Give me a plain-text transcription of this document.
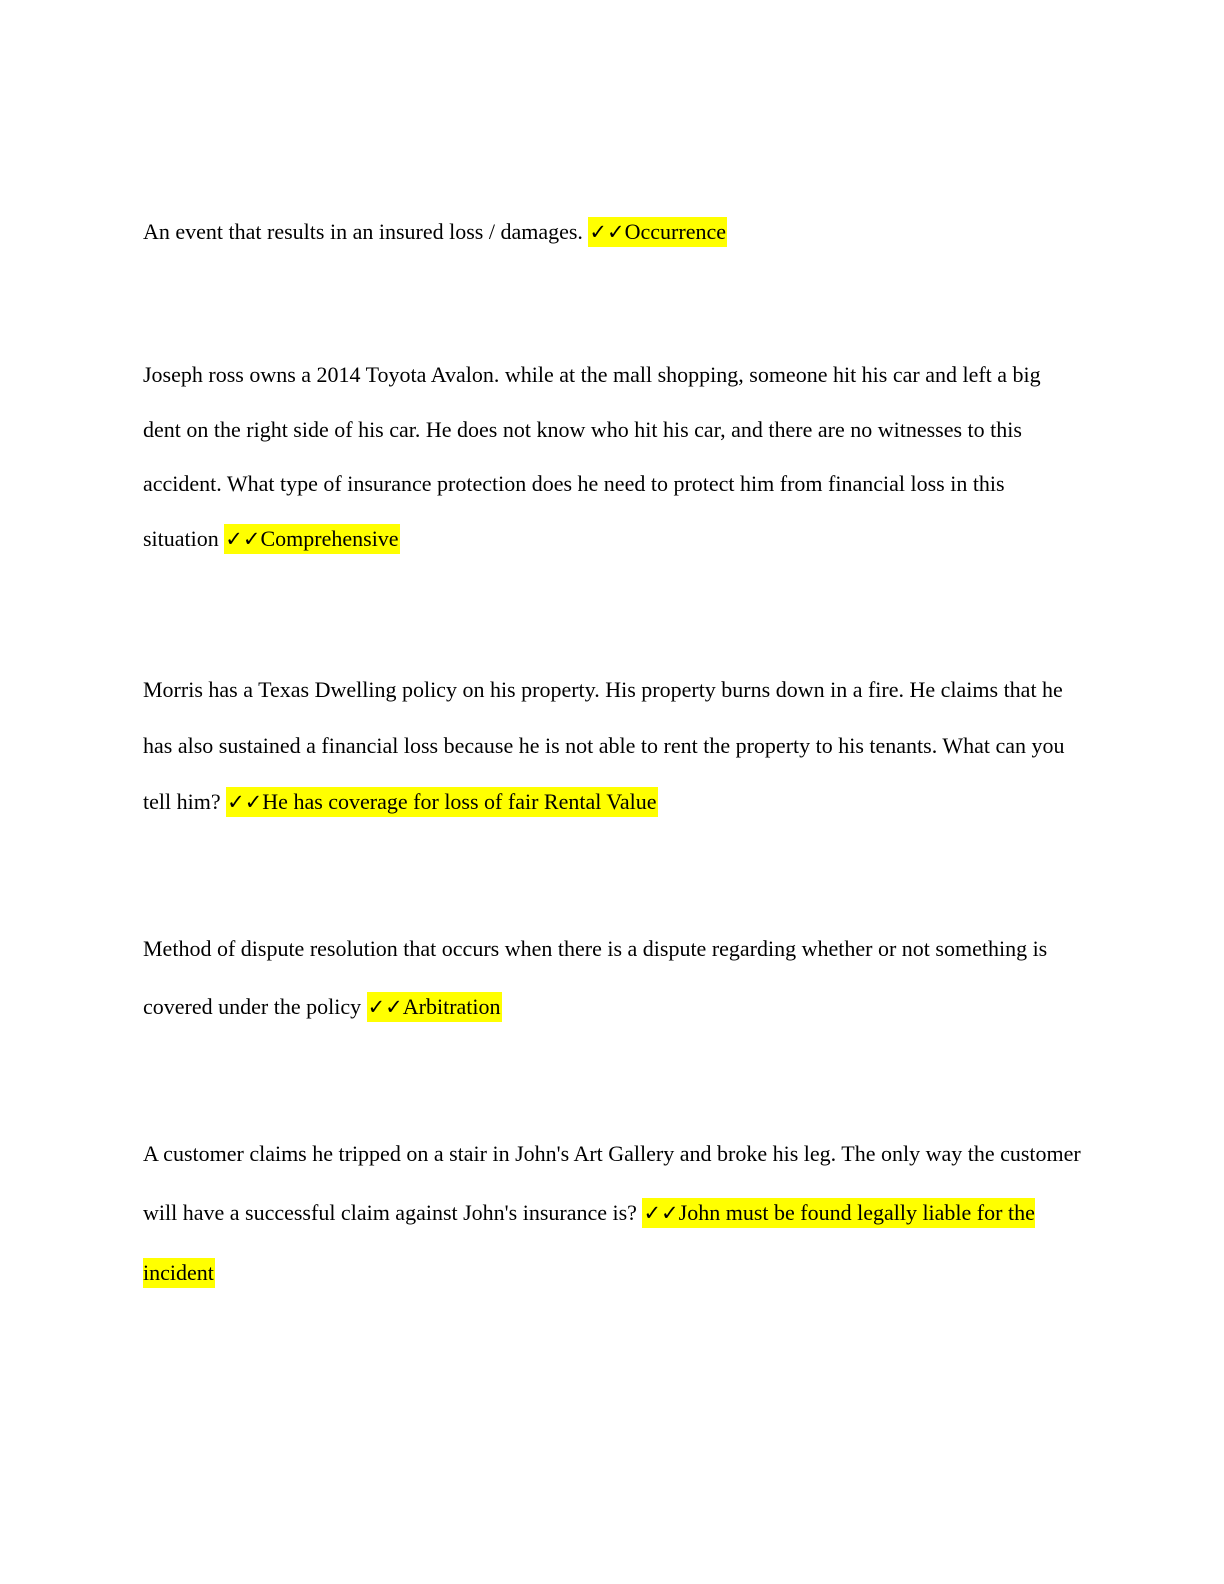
An event that results in an insured loss / damages. ✓✓Occurrence

Joseph ross owns a 2014 Toyota Avalon. while at the mall shopping, someone hit his car and left a big dent on the right side of his car. He does not know who hit his car, and there are no witnesses to this accident. What type of insurance protection does he need to protect him from financial loss in this situation ✓✓Comprehensive

Morris has a Texas Dwelling policy on his property. His property burns down in a fire. He claims that he has also sustained a financial loss because he is not able to rent the property to his tenants. What can you tell him? ✓✓He has coverage for loss of fair Rental Value

Method of dispute resolution that occurs when there is a dispute regarding whether or not something is covered under the policy ✓✓Arbitration

A customer claims he tripped on a stair in John's Art Gallery and broke his leg. The only way the customer will have a successful claim against John's insurance is? ✓✓John must be found legally liable for the incident
